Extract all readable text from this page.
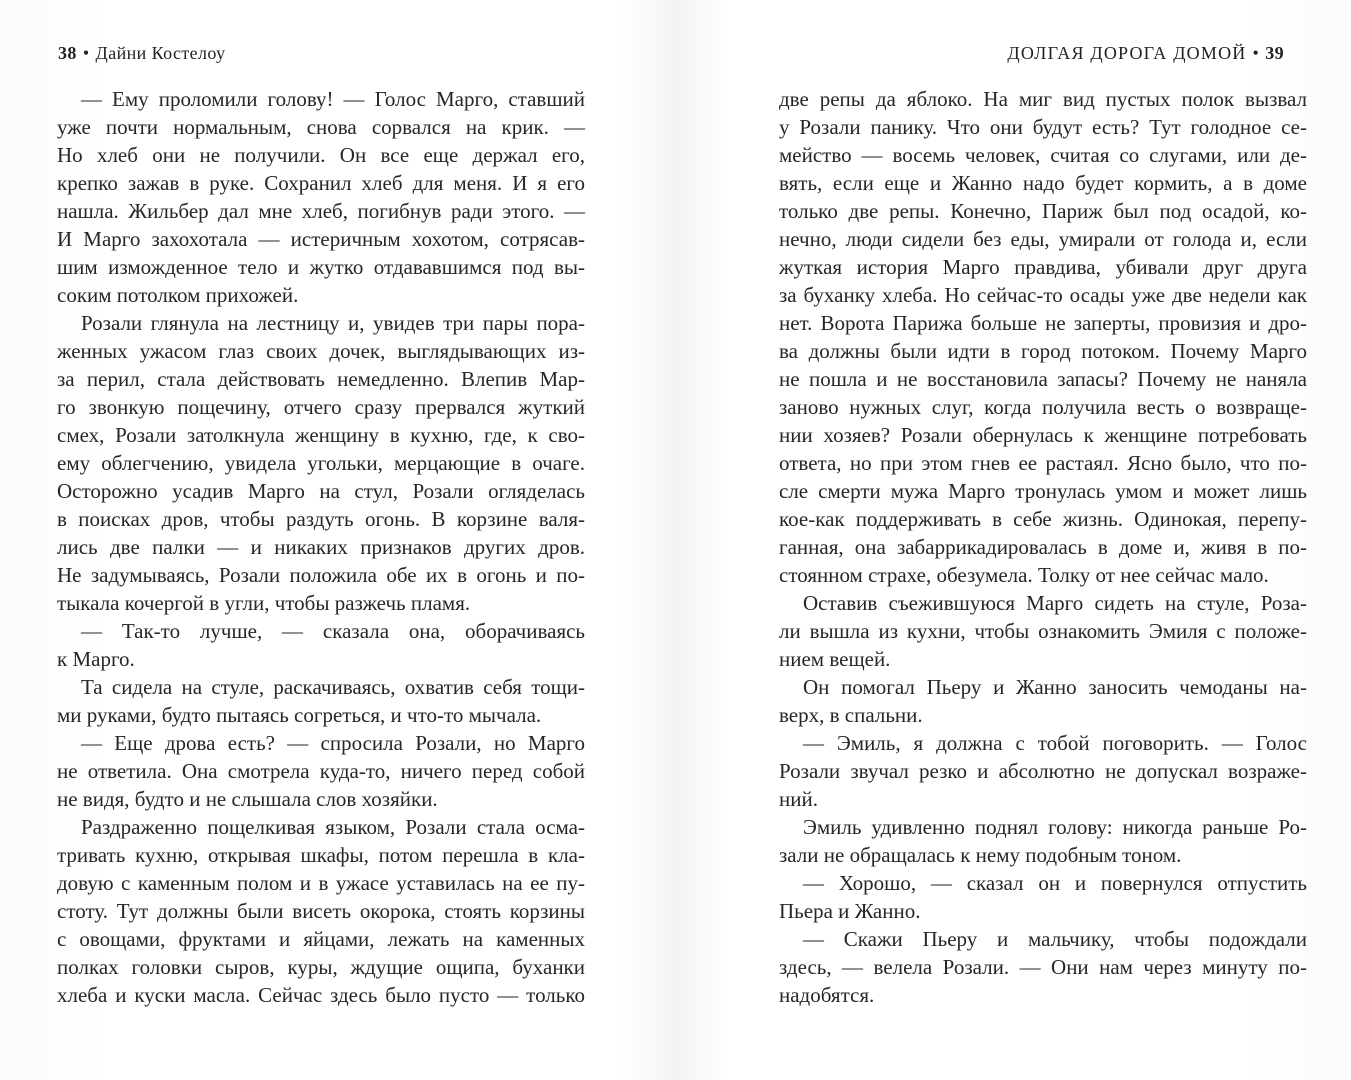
38 • Дайни Костелоу
— Ему проломили голову! — Голос Марго, ставший
уже почти нормальным, снова сорвался на крик. —
Но хлеб они не получили. Он все еще держал его,
крепко зажав в руке. Сохранил хлеб для меня. И я его
нашла. Жильбер дал мне хлеб, погибнув ради этого. —
И Марго захохотала — истеричным хохотом, сотрясав-
шим изможденное тело и жутко отдававшимся под вы-
соким потолком прихожей.
Розали глянула на лестницу и, увидев три пары пора-
женных ужасом глаз своих дочек, выглядывающих из-
за перил, стала действовать немедленно. Влепив Мар-
го звонкую пощечину, отчего сразу прервался жуткий
смех, Розали затолкнула женщину в кухню, где, к сво-
ему облегчению, увидела угольки, мерцающие в очаге.
Осторожно усадив Марго на стул, Розали огляделась
в поисках дров, чтобы раздуть огонь. В корзине валя-
лись две палки — и никаких признаков других дров.
Не задумываясь, Розали положила обе их в огонь и по-
тыкала кочергой в угли, чтобы разжечь пламя.
— Так-то лучше, — сказала она, оборачиваясь
к Марго.
Та сидела на стуле, раскачиваясь, охватив себя тощи-
ми руками, будто пытаясь согреться, и что-то мычала.
— Еще дрова есть? — спросила Розали, но Марго
не ответила. Она смотрела куда-то, ничего перед собой
не видя, будто и не слышала слов хозяйки.
Раздраженно пощелкивая языком, Розали стала осма-
тривать кухню, открывая шкафы, потом перешла в кла-
довую с каменным полом и в ужасе уставилась на ее пу-
стоту. Тут должны были висеть окорока, стоять корзины
с овощами, фруктами и яйцами, лежать на каменных
полках головки сыров, куры, ждущие ощипа, буханки
хлеба и куски масла. Сейчас здесь было пусто — только
ДОЛГАЯ ДОРОГА ДОМОЙ • 39
две репы да яблоко. На миг вид пустых полок вызвал
у Розали панику. Что они будут есть? Тут голодное се-
мейство — восемь человек, считая со слугами, или де-
вять, если еще и Жанно надо будет кормить, а в доме
только две репы. Конечно, Париж был под осадой, ко-
нечно, люди сидели без еды, умирали от голода и, если
жуткая история Марго правдива, убивали друг друга
за буханку хлеба. Но сейчас-то осады уже две недели как
нет. Ворота Парижа больше не заперты, провизия и дро-
ва должны были идти в город потоком. Почему Марго
не пошла и не восстановила запасы? Почему не наняла
заново нужных слуг, когда получила весть о возвраще-
нии хозяев? Розали обернулась к женщине потребовать
ответа, но при этом гнев ее растаял. Ясно было, что по-
сле смерти мужа Марго тронулась умом и может лишь
кое-как поддерживать в себе жизнь. Одинокая, перепу-
ганная, она забаррикадировалась в доме и, живя в по-
стоянном страхе, обезумела. Толку от нее сейчас мало.
Оставив съежившуюся Марго сидеть на стуле, Роза-
ли вышла из кухни, чтобы ознакомить Эмиля с положе-
нием вещей.
Он помогал Пьеру и Жанно заносить чемоданы на-
верх, в спальни.
— Эмиль, я должна с тобой поговорить. — Голос
Розали звучал резко и абсолютно не допускал возраже-
ний.
Эмиль удивленно поднял голову: никогда раньше Ро-
зали не обращалась к нему подобным тоном.
— Хорошо, — сказал он и повернулся отпустить
Пьера и Жанно.
— Скажи Пьеру и мальчику, чтобы подождали
здесь, — велела Розали. — Они нам через минуту по-
надобятся.
